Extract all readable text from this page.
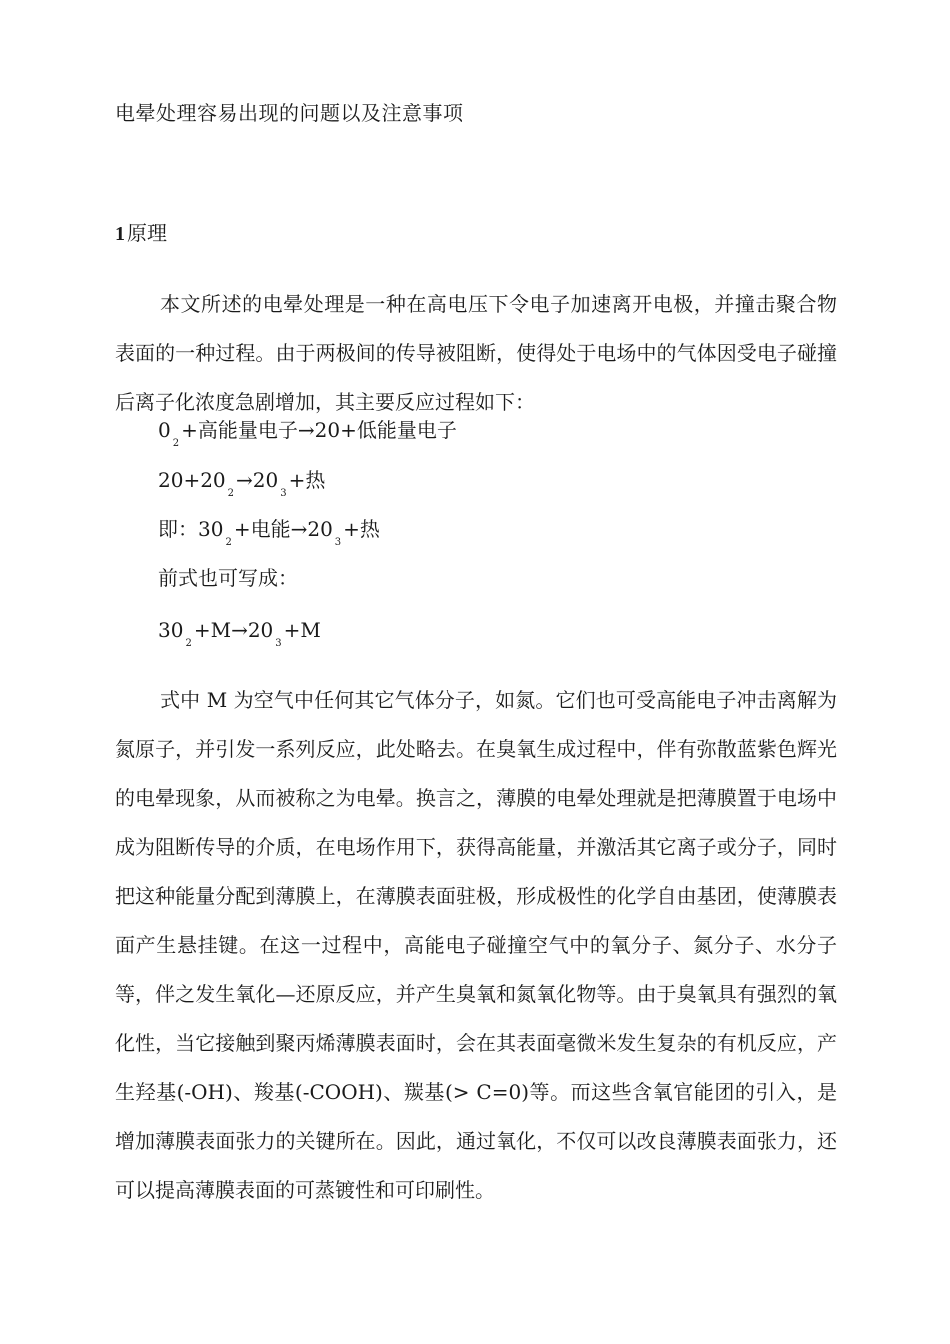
电晕处理容易出现的问题以及注意事项
1 原理

本文所述的电晕处理是一种在高电压下令电子加速离开电极，并撞击聚合物表面的一种过程。由于两极间的传导被阻断，使得处于电场中的气体因受电子碰撞后离子化浓度急剧增加，其主要反应过程如下：

$0_2+$高能量电子→20+低能量电子
$20+20_2\to 20_3+$热
即：$30_2+$电能$\to 20_3+$热
前式也可写成：
$30_2+M\to 20_3+M$

式中 M 为空气中任何其它气体分子，如氮。它们也可受高能电子冲击离解为氮原子，并引发一系列反应，此处略去。在臭氧生成过程中，伴有弥散蓝紫色辉光的电晕现象，从而被称之为电晕。换言之，薄膜的电晕处理就是把薄膜置于电场中成为阻断传导的介质，在电场作用下，获得高能量，并激活其它离子或分子，同时把这种能量分配到薄膜上，在薄膜表面驻极，形成极性的化学自由基团，使薄膜表面产生悬挂键。在这一过程中，高能电子碰撞空气中的氧分子、氮分子、水分子等，伴之发生氧化—还原反应，并产生臭氧和氮氧化物等。由于臭氧具有强烈的氧化性，当它接触到聚丙烯薄膜表面时，会在其表面毫微米发生复杂的有机反应，产生羟基(-OH)、羧基(-COOH)、羰基(> C=0)等。而这些含氧官能团的引入，是增加薄膜表面张力的关键所在。因此，通过氧化，不仅可以改良薄膜表面张力，还可以提高薄膜表面的可蒸镀性和可印刷性。
